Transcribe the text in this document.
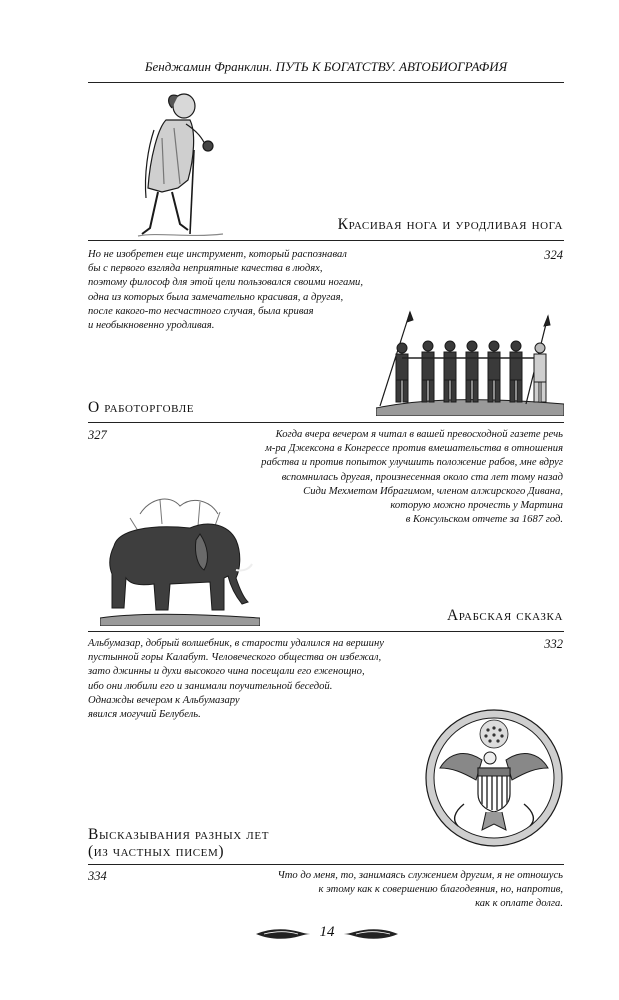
Бенджамин Франклин. ПУТЬ К БОГАТСТВУ. АВТОБИОГРАФИЯ
Красивая нога и уродливая нога
324
Но не изобретен еще инструмент, который распознавал
бы с первого взгляда неприятные качества в людях,
поэтому философ для этой цели пользовался своими ногами,
одна из которых была замечательно красивая, а другая,
после какого-то несчастного случая, была кривая
и необыкновенно уродливая.
О работорговле
327	Когда вчера вечером я читал в вашей превосходной газете речь
м-ра Джексона в Конгрессе против вмешательства в отношения
рабства и против попыток улучшить положение рабов, мне вдруг
вспомнилась другая, произнесенная около ста лет тому назад
Сиди Мехметом Ибрагимом, членом алжирского Дивана,
которую можно прочесть у Мартина
в Консульском отчете за 1687 год.
Арабская сказка
332
Альбумазар, добрый волшебник, в старости удалился на вершину
пустынной горы Калабут. Человеческого общества он избежал,
зато джинны и духи высокого чина посещали его еженощно,
ибо они любили его и занимали поучительной беседой.
Однажды вечером к Альбумазару
явился могучий Белубель.
Высказывания разных лет
(из частных писем)
334	Что до меня, то, занимаясь служением другим, я не отношусь
к этому как к совершению благодеяния, но, напротив,
как к оплате долга.
14
